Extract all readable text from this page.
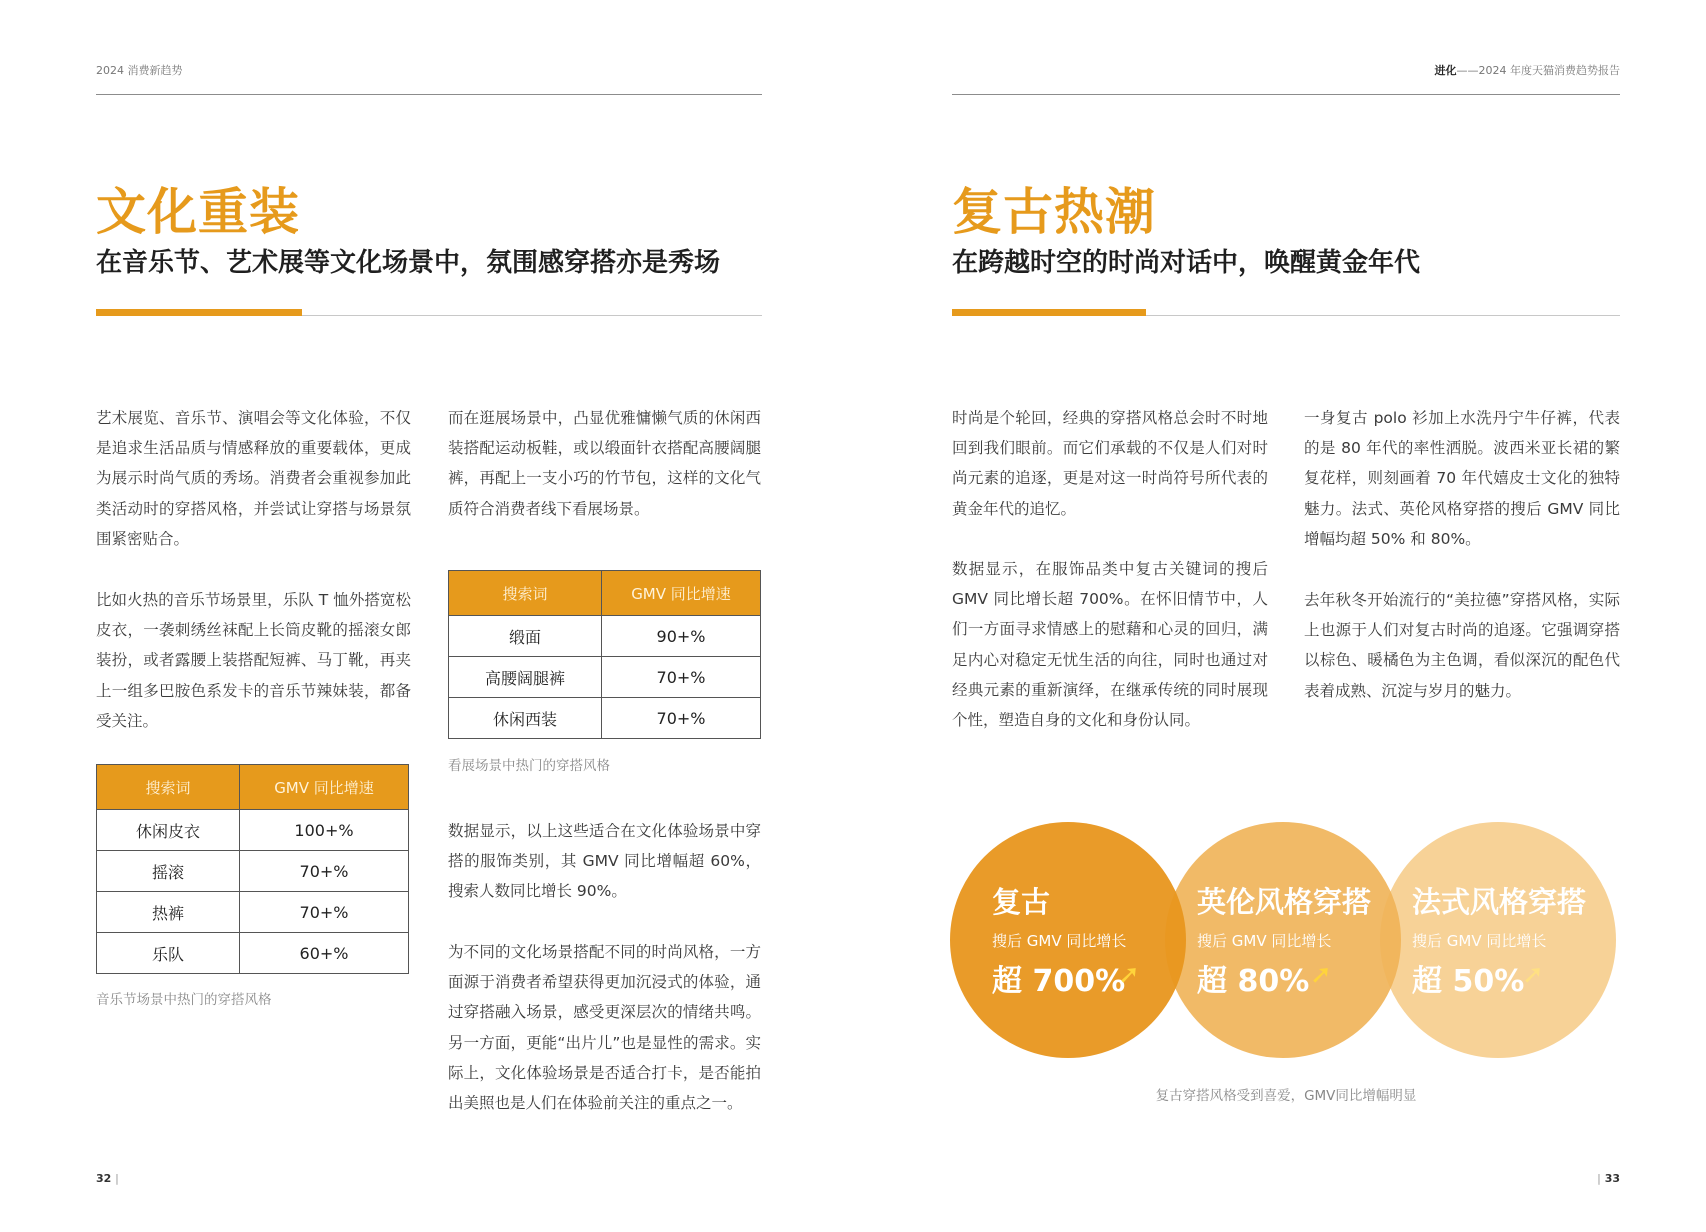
2024 消费新趋势	进化——2024 年度天猫消费趋势报告
文化重装
在音乐节、艺术展等文化场景中，氛围感穿搭亦是秀场
艺术展览、音乐节、演唱会等文化体验，不仅是追求生活品质与情感释放的重要载体，更成为展示时尚气质的秀场。消费者会重视参加此类活动时的穿搭风格，并尝试让穿搭与场景氛围紧密贴合。
比如火热的音乐节场景里，乐队 T 恤外搭宽松皮衣，一袭刺绣丝袜配上长筒皮靴的摇滚女郎装扮，或者露腰上装搭配短裤、马丁靴，再夹上一组多巴胺色系发卡的音乐节辣妹装，都备受关注。
搜索词	GMV 同比增速
休闲皮衣	100+%
摇滚	70+%
热裤	70+%
乐队	60+%
音乐节场景中热门的穿搭风格
而在逛展场景中，凸显优雅慵懒气质的休闲西装搭配运动板鞋，或以缎面针衣搭配高腰阔腿裤，再配上一支小巧的竹节包，这样的文化气质符合消费者线下看展场景。
搜索词	GMV 同比增速
缎面	90+%
高腰阔腿裤	70+%
休闲西装	70+%
看展场景中热门的穿搭风格
数据显示，以上这些适合在文化体验场景中穿搭的服饰类别，其 GMV 同比增幅超 60%，搜索人数同比增长 90%。
为不同的文化场景搭配不同的时尚风格，一方面源于消费者希望获得更加沉浸式的体验，通过穿搭融入场景，感受更深层次的情绪共鸣。另一方面，更能“出片儿”也是显性的需求。实际上，文化体验场景是否适合打卡，是否能拍出美照也是人们在体验前关注的重点之一。
32 |
复古热潮
在跨越时空的时尚对话中，唤醒黄金年代
时尚是个轮回，经典的穿搭风格总会时不时地回到我们眼前。而它们承载的不仅是人们对时尚元素的追逐，更是对这一时尚符号所代表的黄金年代的追忆。
数据显示，在服饰品类中复古关键词的搜后 GMV 同比增长超 700%。在怀旧情节中，人们一方面寻求情感上的慰藉和心灵的回归，满足内心对稳定无忧生活的向往，同时也通过对经典元素的重新演绎，在继承传统的同时展现个性，塑造自身的文化和身份认同。
一身复古 polo 衫加上水洗丹宁牛仔裤，代表的是 80 年代的率性洒脱。波西米亚长裙的繁复花样，则刻画着 70 年代嬉皮士文化的独特魅力。法式、英伦风格穿搭的搜后 GMV 同比增幅均超 50% 和 80%。
去年秋冬开始流行的“美拉德”穿搭风格，实际上也源于人们对复古时尚的追逐。它强调穿搭以棕色、暖橘色为主色调，看似深沉的配色代表着成熟、沉淀与岁月的魅力。
复古
搜后 GMV 同比增长
超 700%
➚
英伦风格穿搭
搜后 GMV 同比增长
超 80% ➚
法式风格穿搭
搜后 GMV 同比增长
超 50%
➚
复古穿搭风格受到喜爱，GMV同比增幅明显
| 33
